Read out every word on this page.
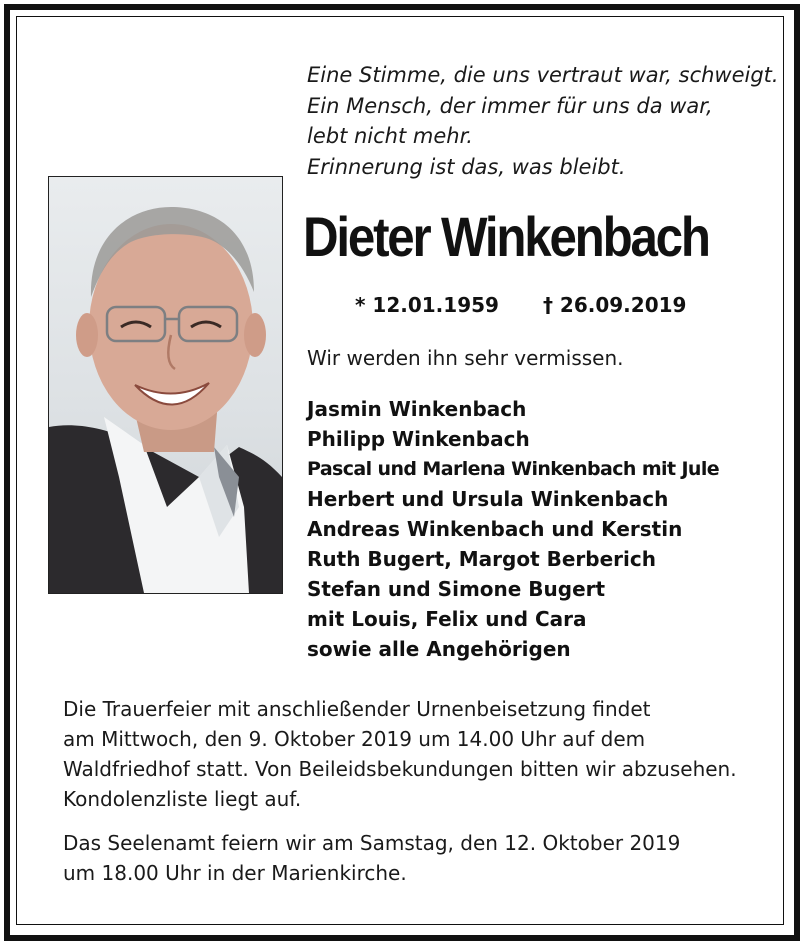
Eine Stimme, die uns vertraut war, schweigt.
Ein Mensch, der immer für uns da war,
lebt nicht mehr.
Erinnerung ist das, was bleibt.
Dieter Winkenbach
* 12.01.1959 † 26.09.2019
Wir werden ihn sehr vermissen.
Jasmin Winkenbach
Philipp Winkenbach
Pascal und Marlena Winkenbach mit Jule
Herbert und Ursula Winkenbach
Andreas Winkenbach und Kerstin
Ruth Bugert, Margot Berberich
Stefan und Simone Bugert
mit Louis, Felix und Cara
sowie alle Angehörigen
Die Trauerfeier mit anschließender Urnenbeisetzung findet
am Mittwoch, den 9. Oktober 2019 um 14.00 Uhr auf dem
Waldfriedhof statt. Von Beileidsbekundungen bitten wir abzusehen.
Kondolenzliste liegt auf.
Das Seelenamt feiern wir am Samstag, den 12. Oktober 2019
um 18.00 Uhr in der Marienkirche.
